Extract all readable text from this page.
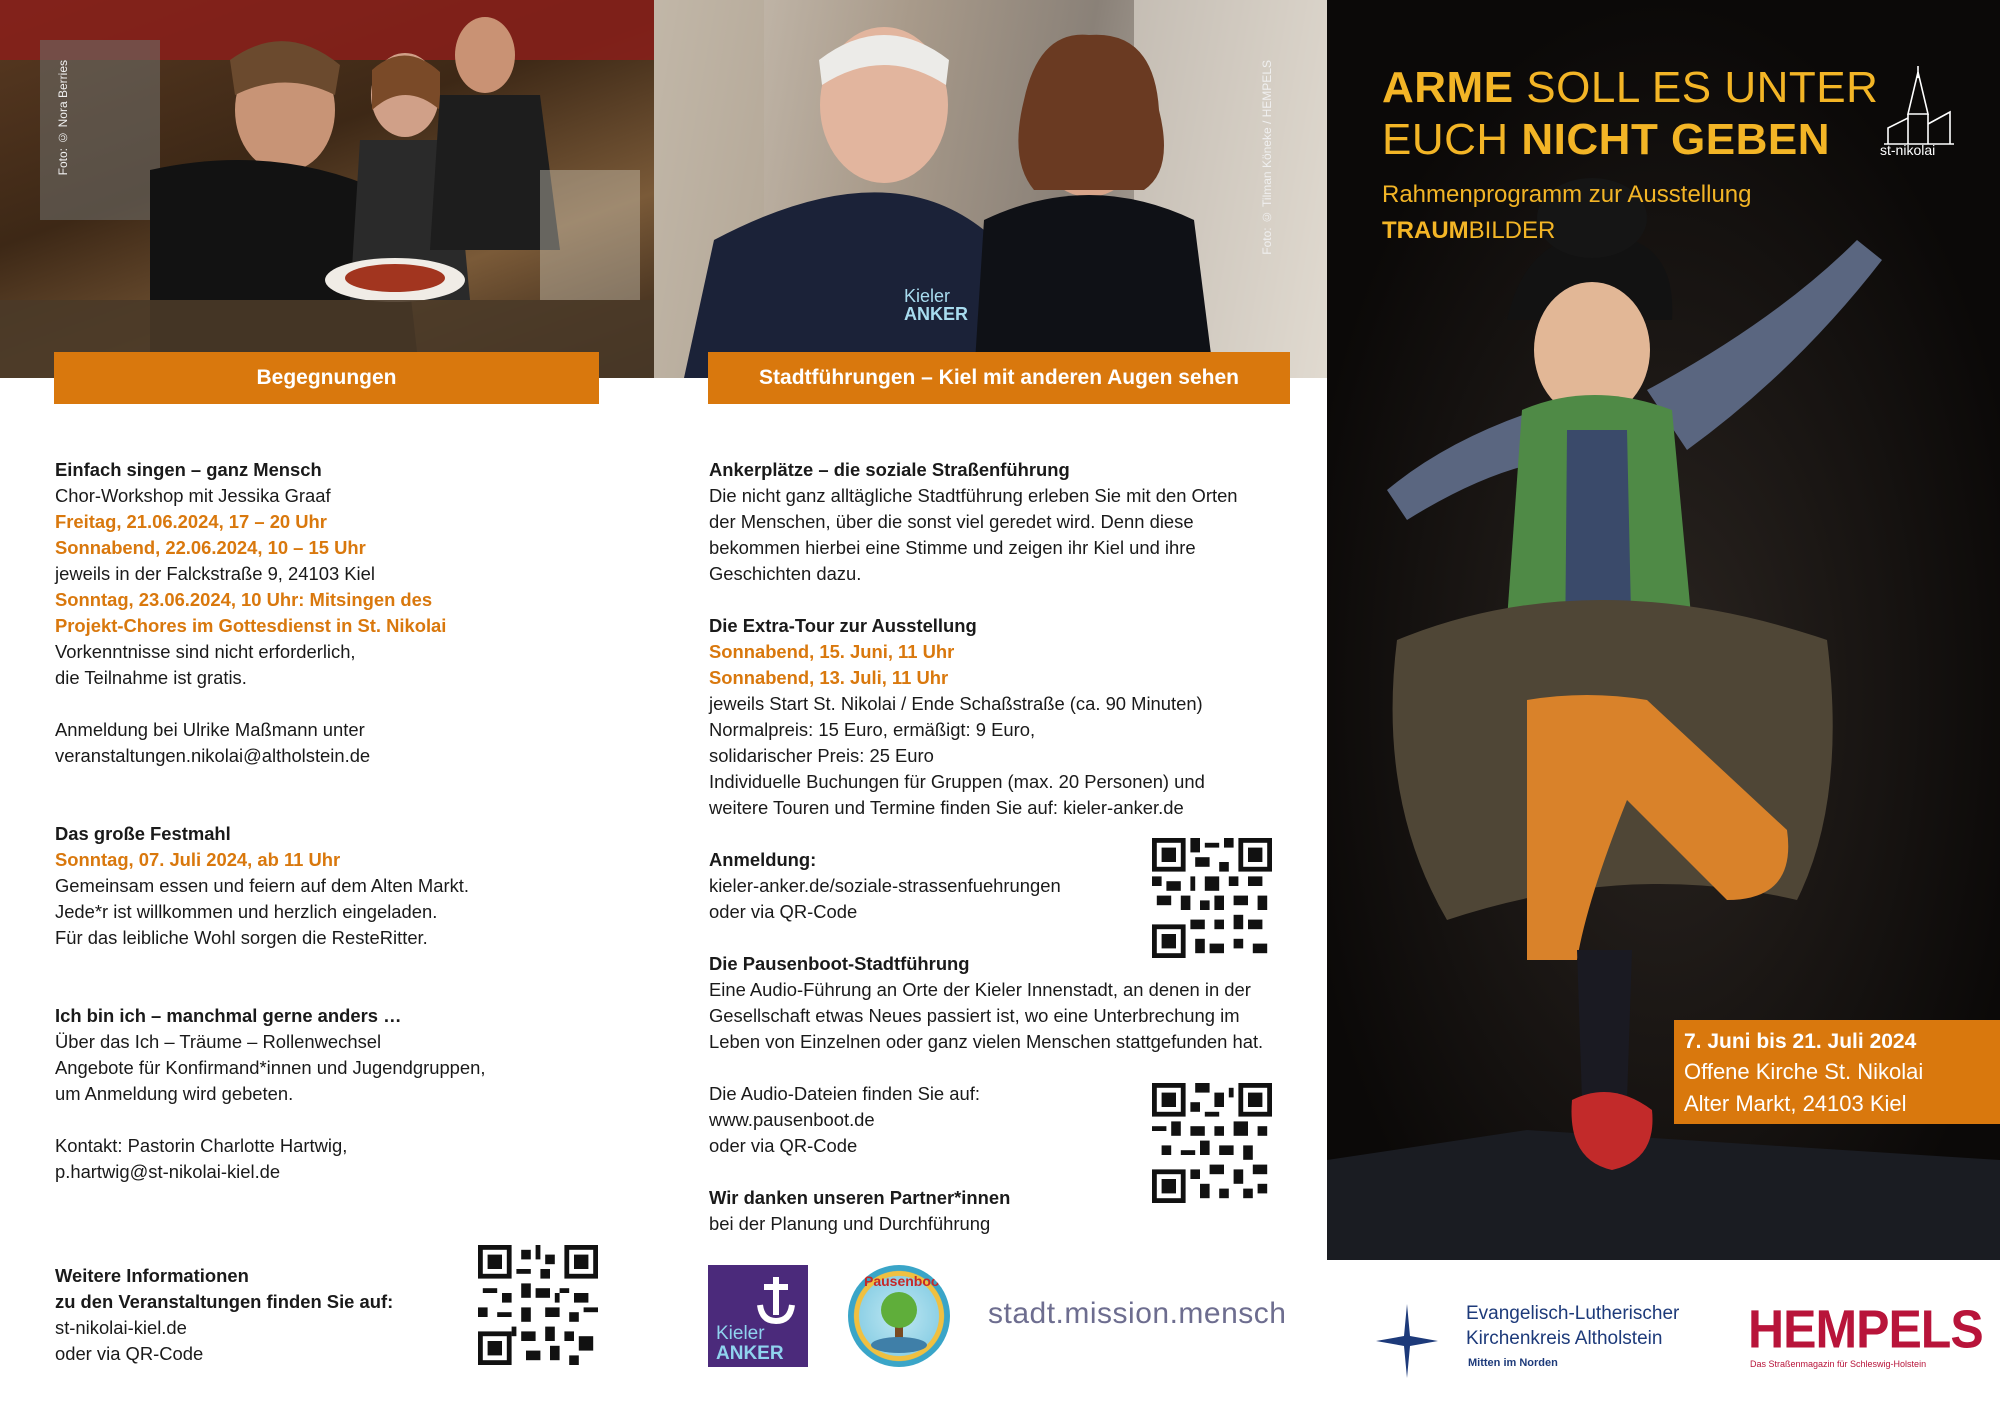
Foto: © Nora Berries
Kieler
ANKER
Foto: © Tilman Köneke / HEMPELS
Begegnungen	Stadtführungen – Kiel mit anderen Augen sehen

Einfach singen – ganz Mensch

Chor-Workshop mit Jessika Graaf

Freitag, 21.06.2024, 17 – 20 Uhr

Sonnabend, 22.06.2024, 10 – 15 Uhr

jeweils in der Falckstraße 9, 24103 Kiel

Sonntag, 23.06.2024, 10 Uhr: Mitsingen des
Projekt-Chores im Gottesdienst in St. Nikolai

Vorkenntnisse sind nicht erforderlich,
die Teilnahme ist gratis.

Anmeldung bei Ulrike Maßmann unter
veranstaltungen.nikolai@altholstein.de

Das große Festmahl

Sonntag, 07. Juli 2024, ab 11 Uhr

Gemeinsam essen und feiern auf dem Alten Markt.
Jede*r ist willkommen und herzlich eingeladen.
Für das leibliche Wohl sorgen die ResteRitter.

Ich bin ich – manchmal gerne anders …

Über das Ich – Träume – Rollenwechsel
Angebote für Konfirmand*innen und Jugendgruppen,
um Anmeldung wird gebeten.

Kontakt: Pastorin Charlotte Hartwig,
p.hartwig@st-nikolai-kiel.de

Weitere Informationen
zu den Veranstaltungen finden Sie auf:

st-nikolai-kiel.de
oder via QR-Code

Ankerplätze – die soziale Straßenführung

Die nicht ganz alltägliche Stadtführung erleben Sie mit den Orten
der Menschen, über die sonst viel geredet wird. Denn diese
bekommen hierbei eine Stimme und zeigen ihr Kiel und ihre
Geschichten dazu.

Die Extra-Tour zur Ausstellung

Sonnabend, 15. Juni, 11 Uhr

Sonnabend, 13. Juli, 11 Uhr

jeweils Start St. Nikolai / Ende Schaßstraße (ca. 90 Minuten)
Normalpreis: 15 Euro, ermäßigt: 9 Euro,
solidarischer Preis: 25 Euro
Individuelle Buchungen für Gruppen (max. 20 Personen) und
weitere Touren und Termine finden Sie auf: kieler-anker.de

Anmeldung:

kieler-anker.de/soziale-strassenfuehrungen
oder via QR-Code

Die Pausenboot-Stadtführung

Eine Audio-Führung an Orte der Kieler Innenstadt, an denen in der
Gesellschaft etwas Neues passiert ist, wo eine Unterbrechung im
Leben von Einzelnen oder ganz vielen Menschen stattgefunden hat.

Die Audio-Dateien finden Sie auf:
www.pausenboot.de
oder via QR-Code

Wir danken unseren Partner*innen

bei der Planung und Durchführung

Kieler
ANKER
Pausenboot
stadt.mission.mensch
ARME SOLL ES UNTER
EUCH NICHT GEBEN
Rahmenprogramm zur Ausstellung
TRAUMBILDER
st-nikolai
7. Juni bis 21. Juli 2024
Offene Kirche St. Nikolai
Alter Markt, 24103 Kiel
Evangelisch-Lutherischer
Kirchenkreis Altholstein
Mitten im Norden
HEMPELS
Das Straßenmagazin für Schleswig-Holstein
